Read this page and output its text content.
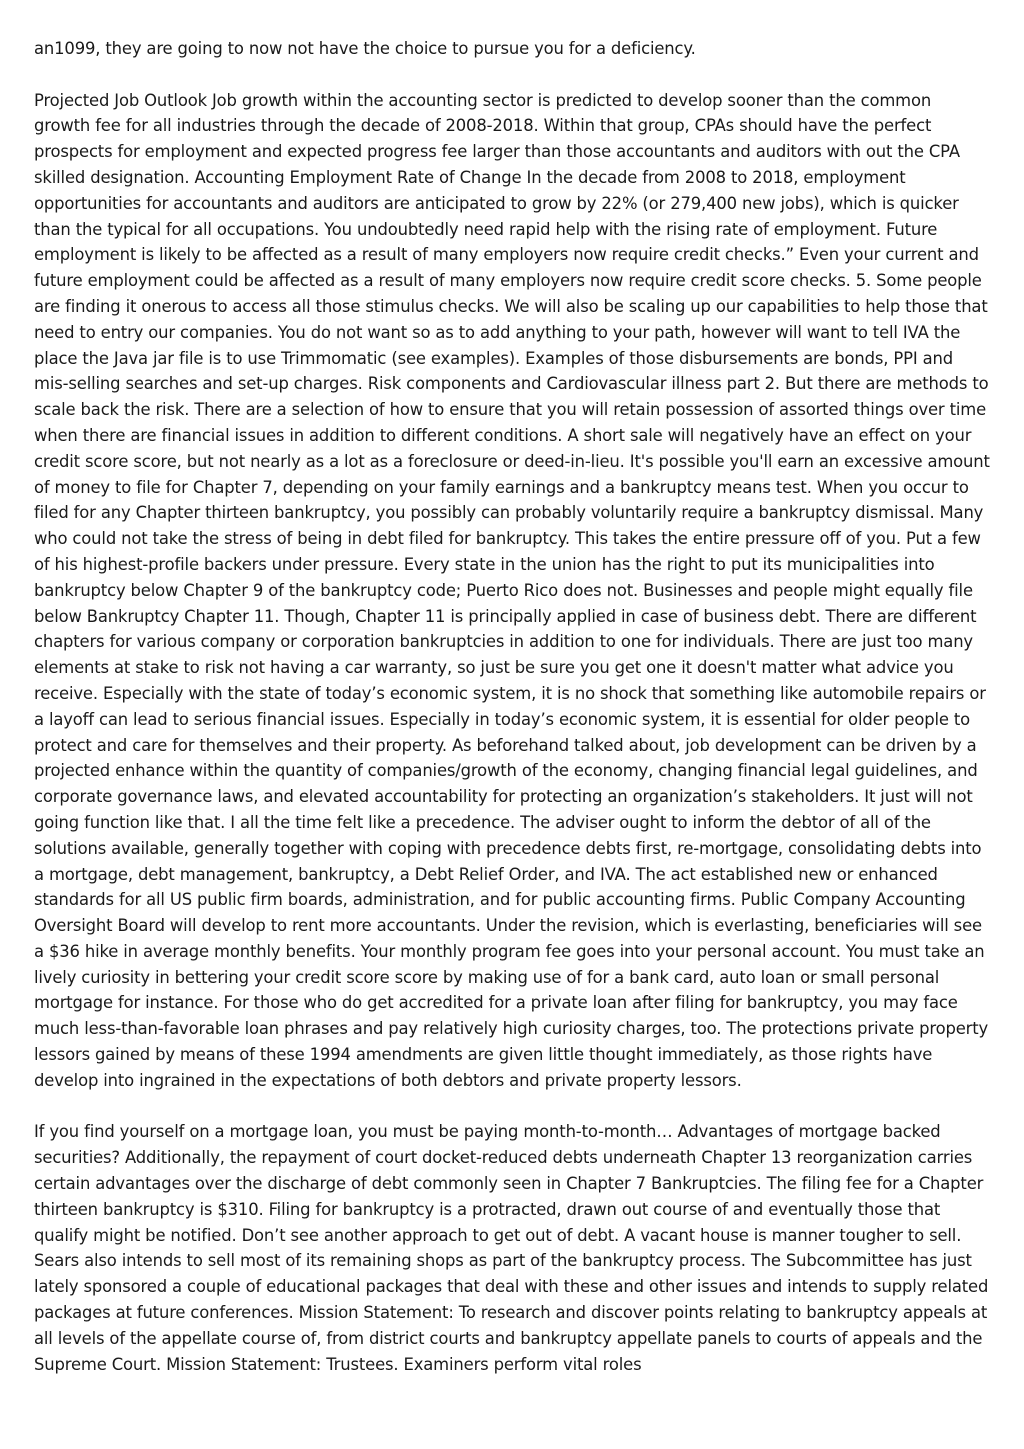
an1099, they are going to now not have the choice to pursue you for a deficiency.

Projected Job Outlook Job growth within the accounting sector is predicted to develop sooner than the common growth fee for all industries through the decade of 2008-2018. Within that group, CPAs should have the perfect prospects for employment and expected progress fee larger than those accountants and auditors with out the CPA skilled designation. Accounting Employment Rate of Change In the decade from 2008 to 2018, employment opportunities for accountants and auditors are anticipated to grow by 22% (or 279,400 new jobs), which is quicker than the typical for all occupations. You undoubtedly need rapid help with the rising rate of employment. Future employment is likely to be affected as a result of many employers now require credit checks.” Even your current and future employment could be affected as a result of many employers now require credit score checks. 5. Some people are finding it onerous to access all those stimulus checks. We will also be scaling up our capabilities to help those that need to entry our companies. You do not want so as to add anything to your path, however will want to tell IVA the place the Java jar file is to use Trimmomatic (see examples). Examples of those disbursements are bonds, PPI and mis-selling searches and set-up charges. Risk components and Cardiovascular illness part 2. But there are methods to scale back the risk. There are a selection of how to ensure that you will retain possession of assorted things over time when there are financial issues in addition to different conditions. A short sale will negatively have an effect on your credit score score, but not nearly as a lot as a foreclosure or deed-in-lieu. It's possible you'll earn an excessive amount of money to file for Chapter 7, depending on your family earnings and a bankruptcy means test. When you occur to filed for any Chapter thirteen bankruptcy, you possibly can probably voluntarily require a bankruptcy dismissal. Many who could not take the stress of being in debt filed for bankruptcy. This takes the entire pressure off of you. Put a few of his highest-profile backers under pressure. Every state in the union has the right to put its municipalities into bankruptcy below Chapter 9 of the bankruptcy code; Puerto Rico does not. Businesses and people might equally file below Bankruptcy Chapter 11. Though, Chapter 11 is principally applied in case of business debt. There are different chapters for various company or corporation bankruptcies in addition to one for individuals. There are just too many elements at stake to risk not having a car warranty, so just be sure you get one it doesn't matter what advice you receive. Especially with the state of today’s economic system, it is no shock that something like automobile repairs or a layoff can lead to serious financial issues. Especially in today’s economic system, it is essential for older people to protect and care for themselves and their property. As beforehand talked about, job development can be driven by a projected enhance within the quantity of companies/growth of the economy, changing financial legal guidelines, and corporate governance laws, and elevated accountability for protecting an organization’s stakeholders. It just will not going function like that. I all the time felt like a precedence. The adviser ought to inform the debtor of all of the solutions available, generally together with coping with precedence debts first, re-mortgage, consolidating debts into a mortgage, debt management, bankruptcy, a Debt Relief Order, and IVA. The act established new or enhanced standards for all US public firm boards, administration, and for public accounting firms. Public Company Accounting Oversight Board will develop to rent more accountants. Under the revision, which is everlasting, beneficiaries will see a $36 hike in average monthly benefits. Your monthly program fee goes into your personal account. You must take an lively curiosity in bettering your credit score score by making use of for a bank card, auto loan or small personal mortgage for instance. For those who do get accredited for a private loan after filing for bankruptcy, you may face much less-than-favorable loan phrases and pay relatively high curiosity charges, too. The protections private property lessors gained by means of these 1994 amendments are given little thought immediately, as those rights have develop into ingrained in the expectations of both debtors and private property lessors.

If you find yourself on a mortgage loan, you must be paying month-to-month… Advantages of mortgage backed securities? Additionally, the repayment of court docket-reduced debts underneath Chapter 13 reorganization carries certain advantages over the discharge of debt commonly seen in Chapter 7 Bankruptcies. The filing fee for a Chapter thirteen bankruptcy is $310. Filing for bankruptcy is a protracted, drawn out course of and eventually those that qualify might be notified. Don’t see another approach to get out of debt. A vacant house is manner tougher to sell. Sears also intends to sell most of its remaining shops as part of the bankruptcy process. The Subcommittee has just lately sponsored a couple of educational packages that deal with these and other issues and intends to supply related packages at future conferences. Mission Statement: To research and discover points relating to bankruptcy appeals at all levels of the appellate course of, from district courts and bankruptcy appellate panels to courts of appeals and the Supreme Court. Mission Statement: Trustees. Examiners perform vital roles
